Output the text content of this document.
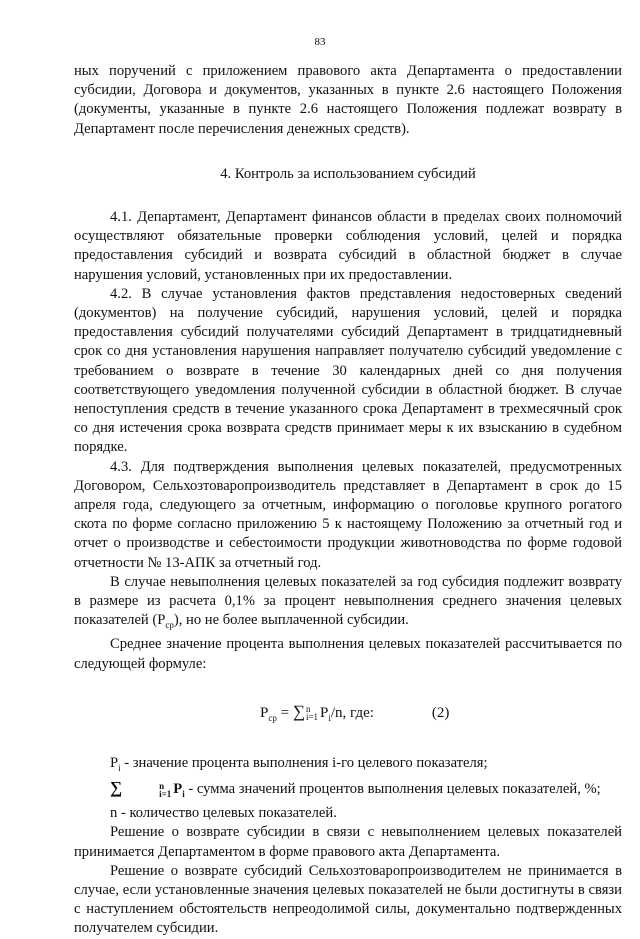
83

ных поручений с приложением правового акта Департамента о предоставлении субсидии, Договора и документов, указанных в пункте 2.6 настоящего Положения (документы, указанные в пункте 2.6 настоящего Положения подлежат возврату в Департамент после перечисления денежных средств).

4. Контроль за использованием субсидий

4.1. Департамент, Департамент финансов области в пределах своих полномочий осуществляют обязательные проверки соблюдения условий, целей и порядка предоставления субсидий и возврата субсидий в областной бюджет в случае нарушения условий, установленных при их предоставлении.

4.2. В случае установления фактов представления недостоверных сведений (документов) на получение субсидий, нарушения условий, целей и порядка предоставления субсидий получателями субсидий Департамент в тридцатидневный срок со дня установления нарушения направляет получателю субсидий уведомление с требованием о возврате в течение 30 календарных дней со дня получения соответствующего уведомления полученной субсидии в областной бюджет. В случае непоступления средств в течение указанного срока Департамент в трехмесячный срок со дня истечения срока возврата средств принимает меры к их взысканию в судебном порядке.

4.3. Для подтверждения выполнения целевых показателей, предусмотренных Договором, Сельхозтоваропроизводитель представляет в Департамент в срок до 15 апреля года, следующего за отчетным, информацию о поголовье крупного рогатого скота по форме согласно приложению 5 к настоящему Положению за отчетный год и отчет о производстве и себестоимости продукции животноводства по форме годовой отчетности № 13-АПК за отчетный год.

В случае невыполнения целевых показателей за год субсидия подлежит возврату в размере из расчета 0,1% за процент невыполнения среднего значения целевых показателей $(Р_{ср})$, но не более выплаченной субсидии.

Среднее значение процента выполнения целевых показателей рассчитывается по следующей формуле:

$Р_{ср}$ = ∑ n
i=1 $P_i/n$, где:	(2)

$P_i$ - значение процента выполнения i-го целевого показателя;

∑	n
i=1 $P_i$ - сумма значений процентов выполнения целевых показателей, %;

n - количество целевых показателей.

Решение о возврате субсидии в связи с невыполнением целевых показателей принимается Департаментом в форме правового акта Департамента.

Решение о возврате субсидий Сельхозтоваропроизводителем не принимается в случае, если установленные значения целевых показателей не были достигнуты в связи с наступлением обстоятельств непреодолимой силы, документально подтвержденных получателем субсидии.
